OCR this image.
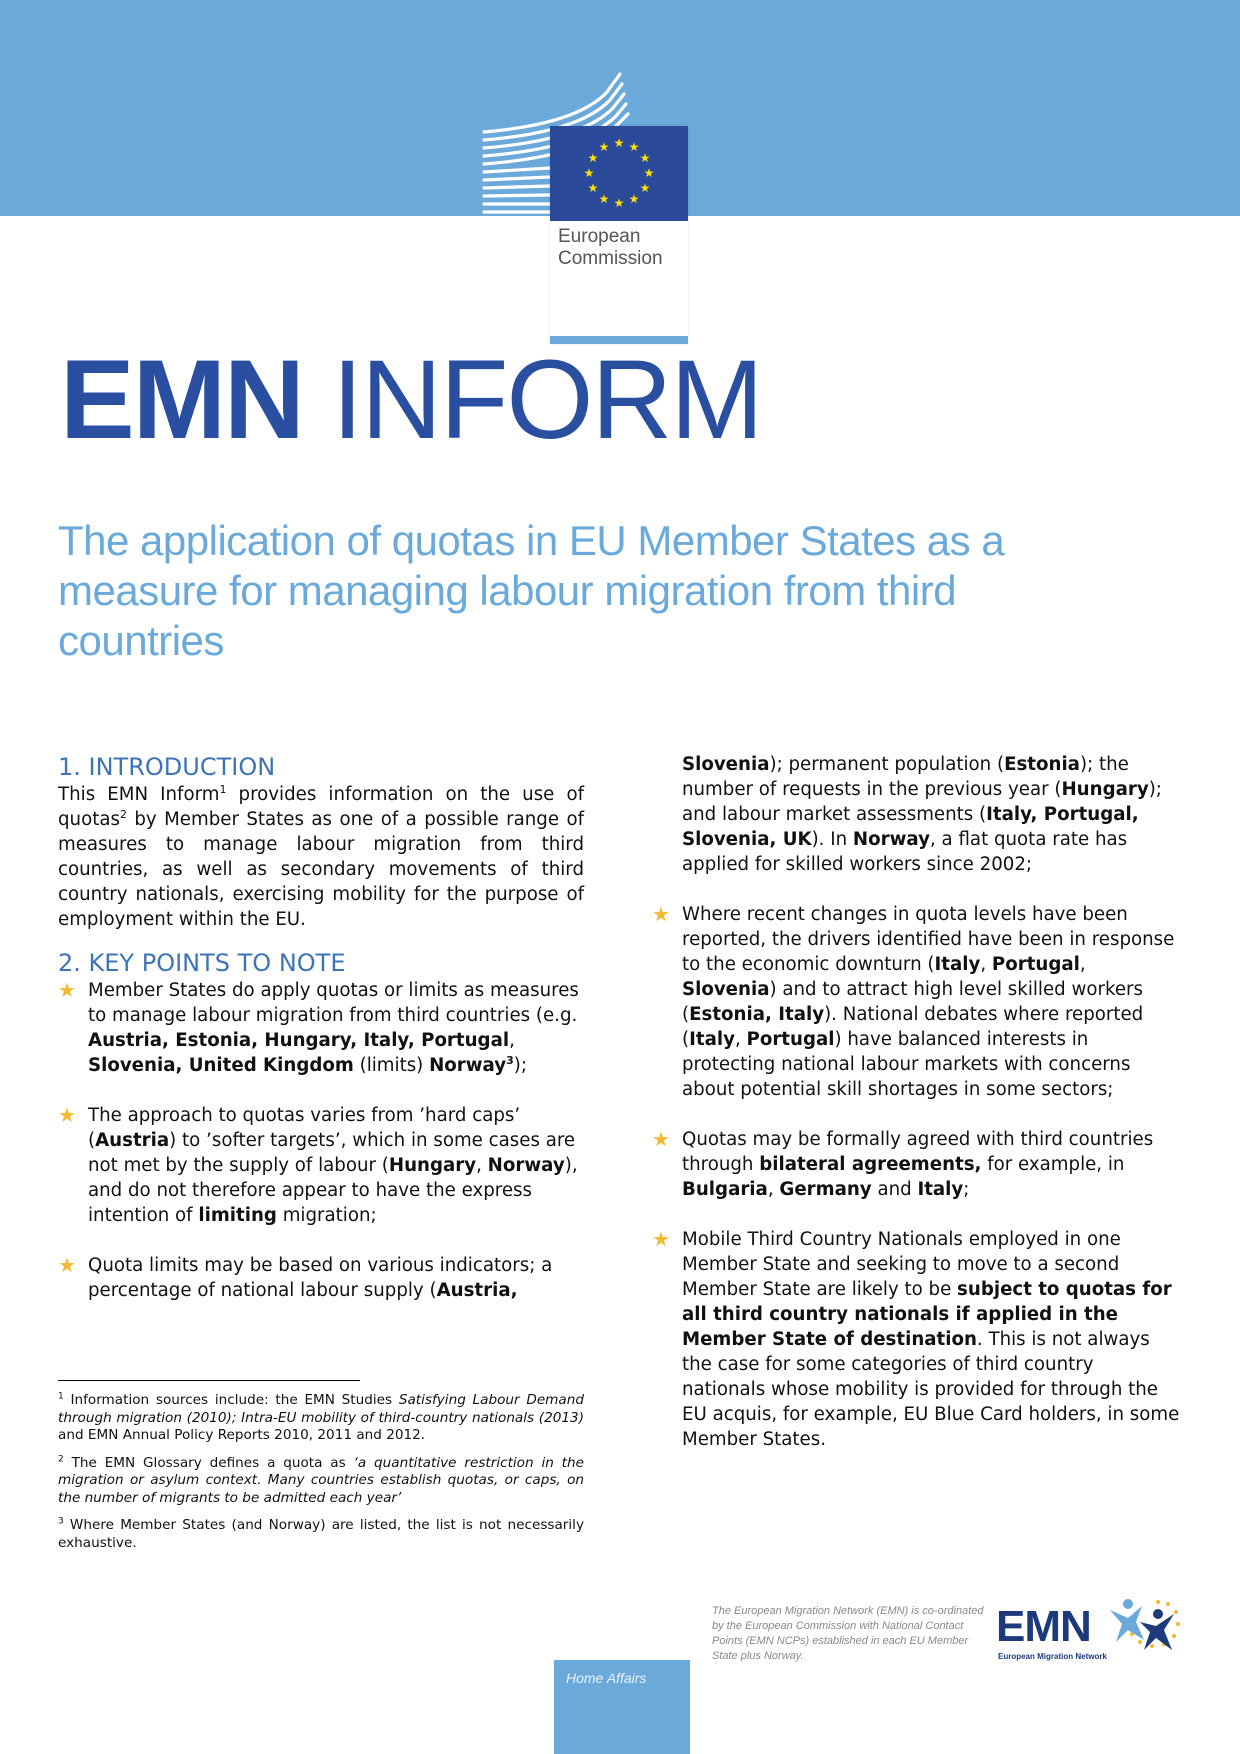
★ ★
★
★
★
★
★
★
★
★
★
★
European
Commission
EMN INFORM
The application of quotas in EU Member States as a measure for managing labour migration from third countries
1. INTRODUCTION

This EMN Inform$^1$ provides information on the use of quotas$^2$ by Member States as one of a possible range of measures to manage labour migration from third countries, as well as secondary movements of third country nationals, exercising mobility for the purpose of employment within the EU.

2. KEY POINTS TO NOTE
★ Member States do apply quotas or limits as measures to manage labour migration from third countries (e.g. Austria, Estonia, Hungary, Italy, Portugal, Slovenia, United Kingdom (limits) Norway$^3$);
★ The approach to quotas varies from ’hard caps’ (Austria) to ’softer targets’, which in some cases are not met by the supply of labour (Hungary, Norway), and do not therefore appear to have the express intention of limiting migration;
★ Quota limits may be based on various indicators; a percentage of national labour supply (Austria,

$^1$ Information sources include: the EMN Studies Satisfying Labour Demand through migration (2010); Intra-EU mobility of third-country nationals (2013) and EMN Annual Policy Reports 2010, 2011 and 2012.

$^2$ The EMN Glossary defines a quota as ‘a quantitative restriction in the migration or asylum context. Many countries establish quotas, or caps, on the number of migrants to be admitted each year’

$^3$ Where Member States (and Norway) are listed, the list is not necessarily exhaustive.

Slovenia); permanent population (Estonia); the number of requests in the previous year (Hungary); and labour market assessments (Italy, Portugal, Slovenia, UK). In Norway, a flat quota rate has applied for skilled workers since 2002;

★ Where recent changes in quota levels have been reported, the drivers identified have been in response to the economic downturn (Italy, Portugal, Slovenia) and to attract high level skilled workers (Estonia, Italy). National debates where reported (Italy, Portugal) have balanced interests in protecting national labour markets with concerns about potential skill shortages in some sectors;
★ Quotas may be formally agreed with third countries through bilateral agreements, for example, in Bulgaria, Germany and Italy;
★ Mobile Third Country Nationals employed in one Member State and seeking to move to a second Member State are likely to be subject to quotas for all third country nationals if applied in the Member State of destination. This is not always the case for some categories of third country nationals whose mobility is provided for through the EU acquis, for example, EU Blue Card holders, in some Member States.
The European Migration Network (EMN) is co-ordinated by the European Commission with National Contact Points (EMN NCPs) established in each EU Member State plus Norway.
EMN
European Migration Network
Home Affairs
